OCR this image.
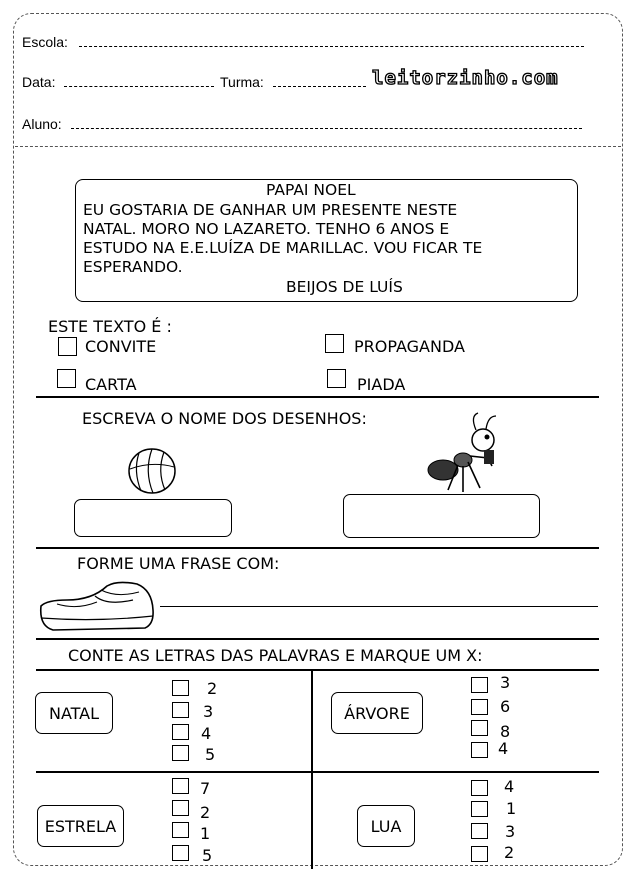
Escola:
Data:	Turma:	leitorzinho.com
Aluno:
PAPAI NOEL
EU GOSTARIA DE GANHAR UM PRESENTE NESTE
NATAL. MORO NO LAZARETO. TENHO 6 ANOS E
ESTUDO NA E.E.LUÍZA DE MARILLAC. VOU FICAR TE
ESPERANDO.
BEIJOS DE LUÍS
ESTE TEXTO É :
CONVITE	PROPAGANDA
CARTA	PIADA
ESCREVA O NOME DOS DESENHOS:
FORME UMA FRASE COM:
CONTE AS LETRAS DAS PALAVRAS E MARQUE UM X:
NATAL
2
3
4
5
ÁRVORE
3
6
8
4
ESTRELA
7
2
1
5
LUA
4
1
3
2
